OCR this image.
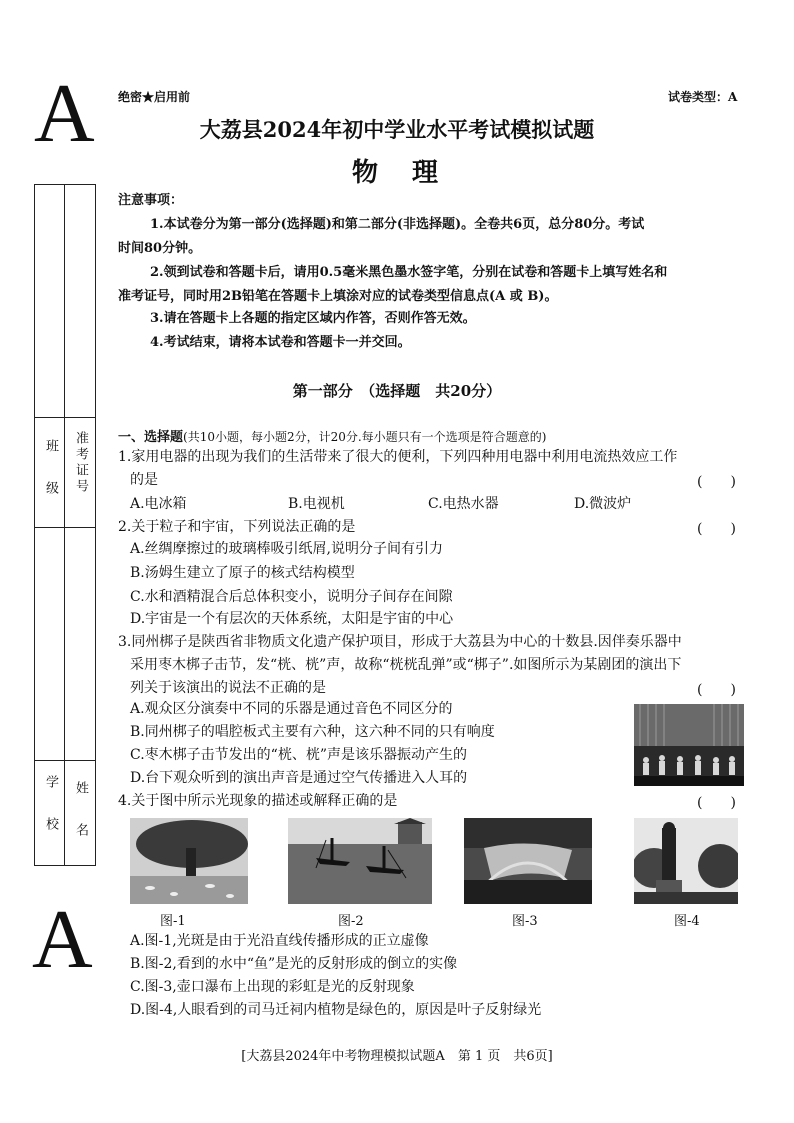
A
A
绝密★启用前	试卷类型：A
大荔县2024年初中学业水平考试模拟试题
物　理
班　级 准考证号
学　校 姓　名
注意事项：
1.本试卷分为第一部分(选择题)和第二部分(非选择题)。全卷共6页，总分80分。考试
时间80分钟。
2.领到试卷和答题卡后，请用0.5毫米黑色墨水签字笔，分别在试卷和答题卡上填写姓名和
准考证号，同时用2B铅笔在答题卡上填涂对应的试卷类型信息点(A 或 B)。
3.请在答题卡上各题的指定区域内作答，否则作答无效。
4.考试结束，请将本试卷和答题卡一并交回。
第一部分　（选择题　共20分）
一、选择题(共10小题，每小题2分，计20分.每小题只有一个选项是符合题意的)
1.家用电器的出现为我们的生活带来了很大的便利，下列四种用电器中利用电流热效应工作
的是	(　　)
A.电冰箱	B.电视机	C.电热水器	D.微波炉
2.关于粒子和宇宙，下列说法正确的是	(　　)
A.丝绸摩擦过的玻璃棒吸引纸屑,说明分子间有引力
B.汤姆生建立了原子的核式结构模型
C.水和酒精混合后总体积变小，说明分子间存在间隙
D.宇宙是一个有层次的天体系统，太阳是宇宙的中心
3.同州梆子是陕西省非物质文化遗产保护项目，形成于大荔县为中心的十数县.因伴奏乐器中
采用枣木梆子击节，发“桄、桄”声，故称“桄桄乱弹”或“梆子”.如图所示为某剧团的演出下
列关于该演出的说法不正确的是	(　　)
A.观众区分演奏中不同的乐器是通过音色不同区分的
B.同州梆子的唱腔板式主要有六种，这六种不同的只有响度
C.枣木梆子击节发出的“桄、桄”声是该乐器振动产生的
D.台下观众听到的演出声音是通过空气传播进入人耳的
4.关于图中所示光现象的描述或解释正确的是	(　　)
图-1	图-2	图-3	图-4
A.图-1,光斑是由于光沿直线传播形成的正立虚像
B.图-2,看到的水中“鱼”是光的反射形成的倒立的实像
C.图-3,壶口瀑布上出现的彩虹是光的反射现象
D.图-4,人眼看到的司马迁祠内植物是绿色的，原因是叶子反射绿光
[大荔县2024年中考物理模拟试题A　第 1 页　共6页]
